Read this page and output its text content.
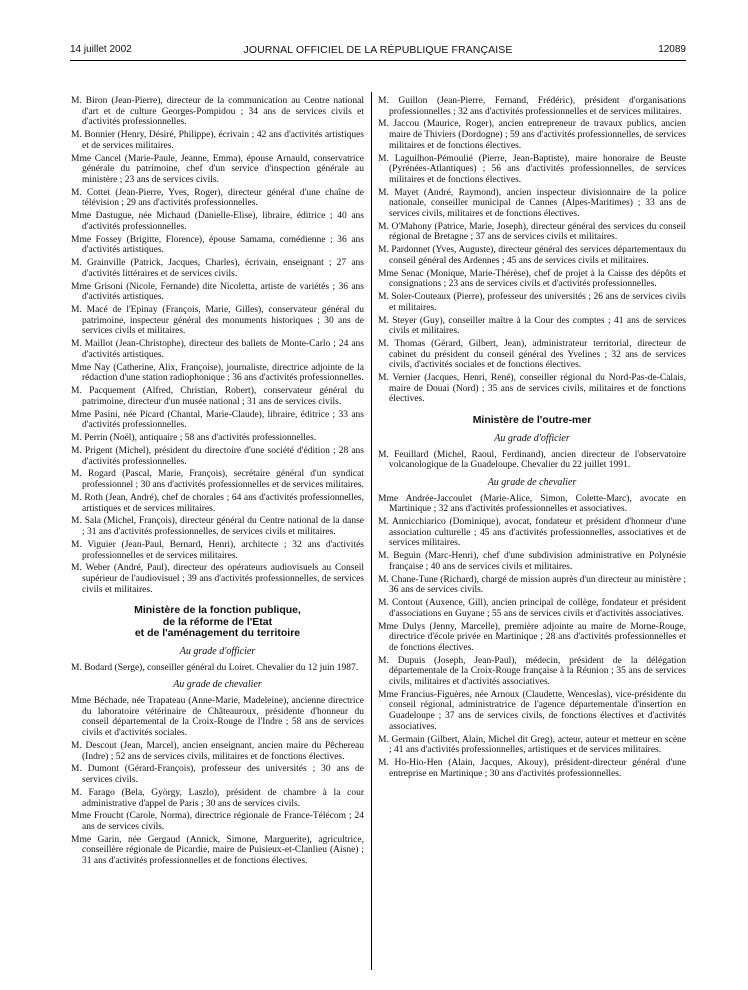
14 juillet 2002	JOURNAL OFFICIEL DE LA RÉPUBLIQUE FRANÇAISE	12089

M. Biron (Jean-Pierre), directeur de la communication au Centre national d'art et de culture Georges-Pompidou ; 34 ans de services civils et d'activités professionnelles.

M. Bonnier (Henry, Désiré, Philippe), écrivain ; 42 ans d'activités artistiques et de services militaires.

Mme Cancel (Marie-Paule, Jeanne, Emma), épouse Arnauld, conservatrice générale du patrimoine, chef d'un service d'inspection générale au ministère ; 23 ans de services civils.

M. Cottet (Jean-Pierre, Yves, Roger), directeur général d'une chaîne de télévision ; 29 ans d'activités professionnelles.

Mme Dastugue, née Michaud (Danielle-Elise), libraire, éditrice ; 40 ans d'activités professionnelles.

Mme Fossey (Brigitte, Florence), épouse Samama, comédienne ; 36 ans d'activités artistiques.

M. Grainville (Patrick, Jacques, Charles), écrivain, enseignant ; 27 ans d'activités littéraires et de services civils.

Mme Grisoni (Nicole, Fernande) dite Nicoletta, artiste de variétés ; 36 ans d'activités artistiques.

M. Macé de l'Epinay (François, Marie, Gilles), conservateur général du patrimoine, inspecteur général des monuments historiques ; 30 ans de services civils et militaires.

M. Maillot (Jean-Christophe), directeur des ballets de Monte-Carlo ; 24 ans d'activités artistiques.

Mme Nay (Catherine, Alix, Françoise), journaliste, directrice adjointe de la rédaction d'une station radiophonique ; 36 ans d'activités professionnelles.

M. Pacquement (Alfred, Christian, Robert), conservateur général du patrimoine, directeur d'un musée national ; 31 ans de services civils.

Mme Pasini, née Picard (Chantal, Marie-Claude), libraire, éditrice ; 33 ans d'activités professionnelles.

M. Perrin (Noël), antiquaire ; 58 ans d'activités professionnelles.

M. Prigent (Michel), président du directoire d'une société d'édition ; 28 ans d'activités professionnelles.

M. Rogard (Pascal, Marie, François), secrétaire général d'un syndicat professionnel ; 30 ans d'activités professionnelles et de services militaires.

M. Roth (Jean, André), chef de chorales ; 64 ans d'activités professionnelles, artistiques et de services militaires.

M. Sala (Michel, François), directeur général du Centre national de la danse ; 31 ans d'activités professionnelles, de services civils et militaires.

M. Viguier (Jean-Paul, Bernard, Henri), architecte ; 32 ans d'activités professionnelles et de services militaires.

M. Weber (André, Paul), directeur des opérateurs audiovisuels au Conseil supérieur de l'audiovisuel ; 39 ans d'activités professionnelles, de services civils et militaires.

Ministère de la fonction publique,
de la réforme de l'Etat
et de l'aménagement du territoire
Au grade d'officier

M. Bodard (Serge), conseiller général du Loiret. Chevalier du 12 juin 1987.

Au grade de chevalier

Mme Béchade, née Trapateau (Anne-Marie, Madeleine), ancienne directrice du laboratoire vétérinaire de Châteauroux, présidente d'honneur du conseil départemental de la Croix-Rouge de l'Indre ; 58 ans de services civils et d'activités sociales.

M. Descout (Jean, Marcel), ancien enseignant, ancien maire du Pêchereau (Indre) ; 52 ans de services civils, militaires et de fonctions électives.

M. Dumont (Gérard-François), professeur des universités ; 30 ans de services civils.

M. Farago (Bela, György, Laszlo), président de chambre à la cour administrative d'appel de Paris ; 30 ans de services civils.

Mme Froucht (Carole, Norma), directrice régionale de France-Télécom ; 24 ans de services civils.

Mme Garin, née Gergaud (Annick, Simone, Marguerite), agricultrice, conseillère régionale de Picardie, maire de Puisieux-et-Clanlieu (Aisne) ; 31 ans d'activités professionnelles et de fonctions électives.

M. Guillon (Jean-Pierre, Fernand, Frédéric), président d'organisations professionnelles ; 32 ans d'activités professionnelles et de services militaires.

M. Jaccou (Maurice, Roger), ancien entrepreneur de travaux publics, ancien maire de Thiviers (Dordogne) ; 59 ans d'activités professionnelles, de services militaires et de fonctions électives.

M. Laguilhon-Pémoulié (Pierre, Jean-Baptiste), maire honoraire de Beuste (Pyrénées-Atlantiques) ; 56 ans d'activités professionnelles, de services militaires et de fonctions électives.

M. Mayet (André, Raymond), ancien inspecteur divisionnaire de la police nationale, conseiller municipal de Cannes (Alpes-Maritimes) ; 33 ans de services civils, militaires et de fonctions électives.

M. O'Mahony (Patrice, Marie, Joseph), directeur général des services du conseil régional de Bretagne ; 37 ans de services civils et militaires.

M. Pardonnet (Yves, Auguste), directeur général des services départementaux du conseil général des Ardennes ; 45 ans de services civils et militaires.

Mme Senac (Monique, Marie-Thérèse), chef de projet à la Caisse des dépôts et consignations ; 23 ans de services civils et d'activités professionnelles.

M. Soler-Couteaux (Pierre), professeur des universités ; 26 ans de services civils et militaires.

M. Steyer (Guy), conseiller maître à la Cour des comptes ; 41 ans de services civils et militaires.

M. Thomas (Gérard, Gilbert, Jean), administrateur territorial, directeur de cabinet du président du conseil général des Yvelines ; 32 ans de services civils, d'activités sociales et de fonctions électives.

M. Vernier (Jacques, Henri, René), conseiller régional du Nord-Pas-de-Calais, maire de Douai (Nord) ; 35 ans de services civils, militaires et de fonctions électives.

Ministère de l'outre-mer
Au grade d'officier

M. Feuillard (Michel, Raoul, Ferdinand), ancien directeur de l'observatoire volcanologique de la Guadeloupe. Chevalier du 22 juillet 1991.

Au grade de chevalier

Mme Andrée-Jaccoulet (Marie-Alice, Simon, Colette-Marc), avocate en Martinique ; 32 ans d'activités professionnelles et associatives.

M. Annicchiarico (Dominique), avocat, fondateur et président d'honneur d'une association culturelle ; 45 ans d'activités professionnelles, associatives et de services militaires.

M. Beguin (Marc-Henri), chef d'une subdivision administrative en Polynésie française ; 40 ans de services civils et militaires.

M. Chane-Tune (Richard), chargé de mission auprès d'un directeur au ministère ; 36 ans de services civils.

M. Contout (Auxence, Gill), ancien principal de collège, fondateur et président d'associations en Guyane ; 55 ans de services civils et d'activités associatives.

Mme Dulys (Jenny, Marcelle), première adjointe au maire de Morne-Rouge, directrice d'école privée en Martinique ; 28 ans d'activités professionnelles et de fonctions électives.

M. Dupuis (Joseph, Jean-Paul), médecin, président de la délégation départementale de la Croix-Rouge française à la Réunion ; 35 ans de services civils, militaires et d'activités associatives.

Mme Francius-Figuères, née Arnoux (Claudette, Wenceslas), vice-présidente du conseil régional, administratrice de l'agence départementale d'insertion en Guadeloupe ; 37 ans de services civils, de fonctions électives et d'activités associatives.

M. Germain (Gilbert, Alain, Michel dit Greg), acteur, auteur et metteur en scène ; 41 ans d'activités professionnelles, artistiques et de services militaires.

M. Ho-Hio-Hen (Alain, Jacques, Akouy), président-directeur général d'une entreprise en Martinique ; 30 ans d'activités professionnelles.
